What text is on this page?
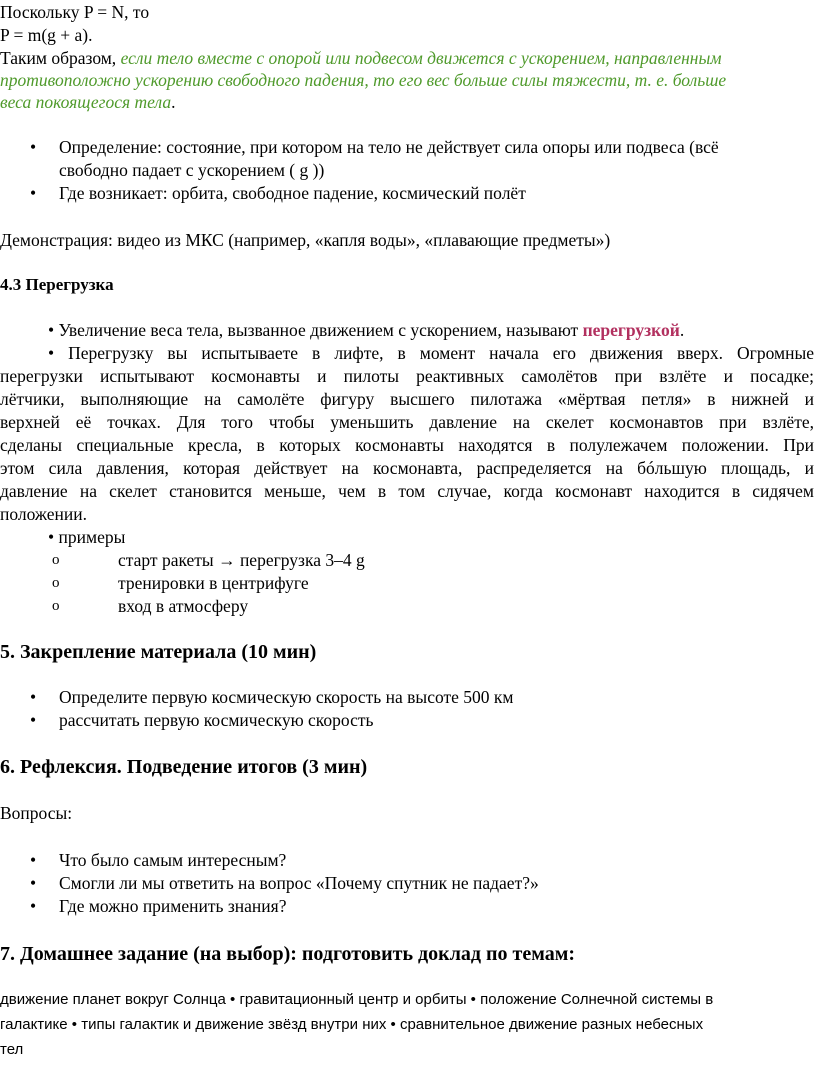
Поскольку P = N, то
P = m(g + a).
Таким образом, если тело вместе с опорой или подвесом движется с ускорением, направленным
противоположно ускорению свободного падения, то его вес больше силы тяжести, т. е. больше
веса покоящегося тела.
• Определение: состояние, при котором на тело не действует сила опоры или подвеса (всё
свободно падает с ускорением ( g ))
• Где возникает: орбита, свободное падение, космический полёт
Демонстрация: видео из МКС (например, «капля воды», «плавающие предметы»)
4.3 Перегрузка
• Увеличение веса тела, вызванное движением с ускорением, называют перегрузкой.
• Перегрузку вы испытываете в лифте, в момент начала его движения вверх. Огромные
перегрузки испытывают космонавты и пилоты реактивных самолётов при взлёте и посадке;
лётчики, выполняющие на самолёте фигуру высшего пилотажа «мёртвая петля» в нижней и
верхней её точках. Для того чтобы уменьшить давление на скелет космонавтов при взлёте,
сделаны специальные кресла, в которых космонавты находятся в полулежачем положении. При
этом сила давления, которая действует на космонавта, распределяется на бóльшую площадь, и
давление на скелет становится меньше, чем в том случае, когда космонавт находится в сидячем
положении.
• примеры
o	старт ракеты → перегрузка 3–4 g
o	тренировки в центрифуге
o	вход в атмосферу
5. Закрепление материала (10 мин)
• Определите первую космическую скорость на высоте 500 км
• рассчитать первую космическую скорость
6. Рефлексия. Подведение итогов (3 мин)
Вопросы:
• Что было самым интересным?
• Смогли ли мы ответить на вопрос «Почему спутник не падает?»
• Где можно применить знания?
7. Домашнее задание (на выбор): подготовить доклад по темам:
движение планет вокруг Солнца • гравитационный центр и орбиты • положение Солнечной системы в
галактике • типы галактик и движение звёзд внутри них • сравнительное движение разных небесных
тел
